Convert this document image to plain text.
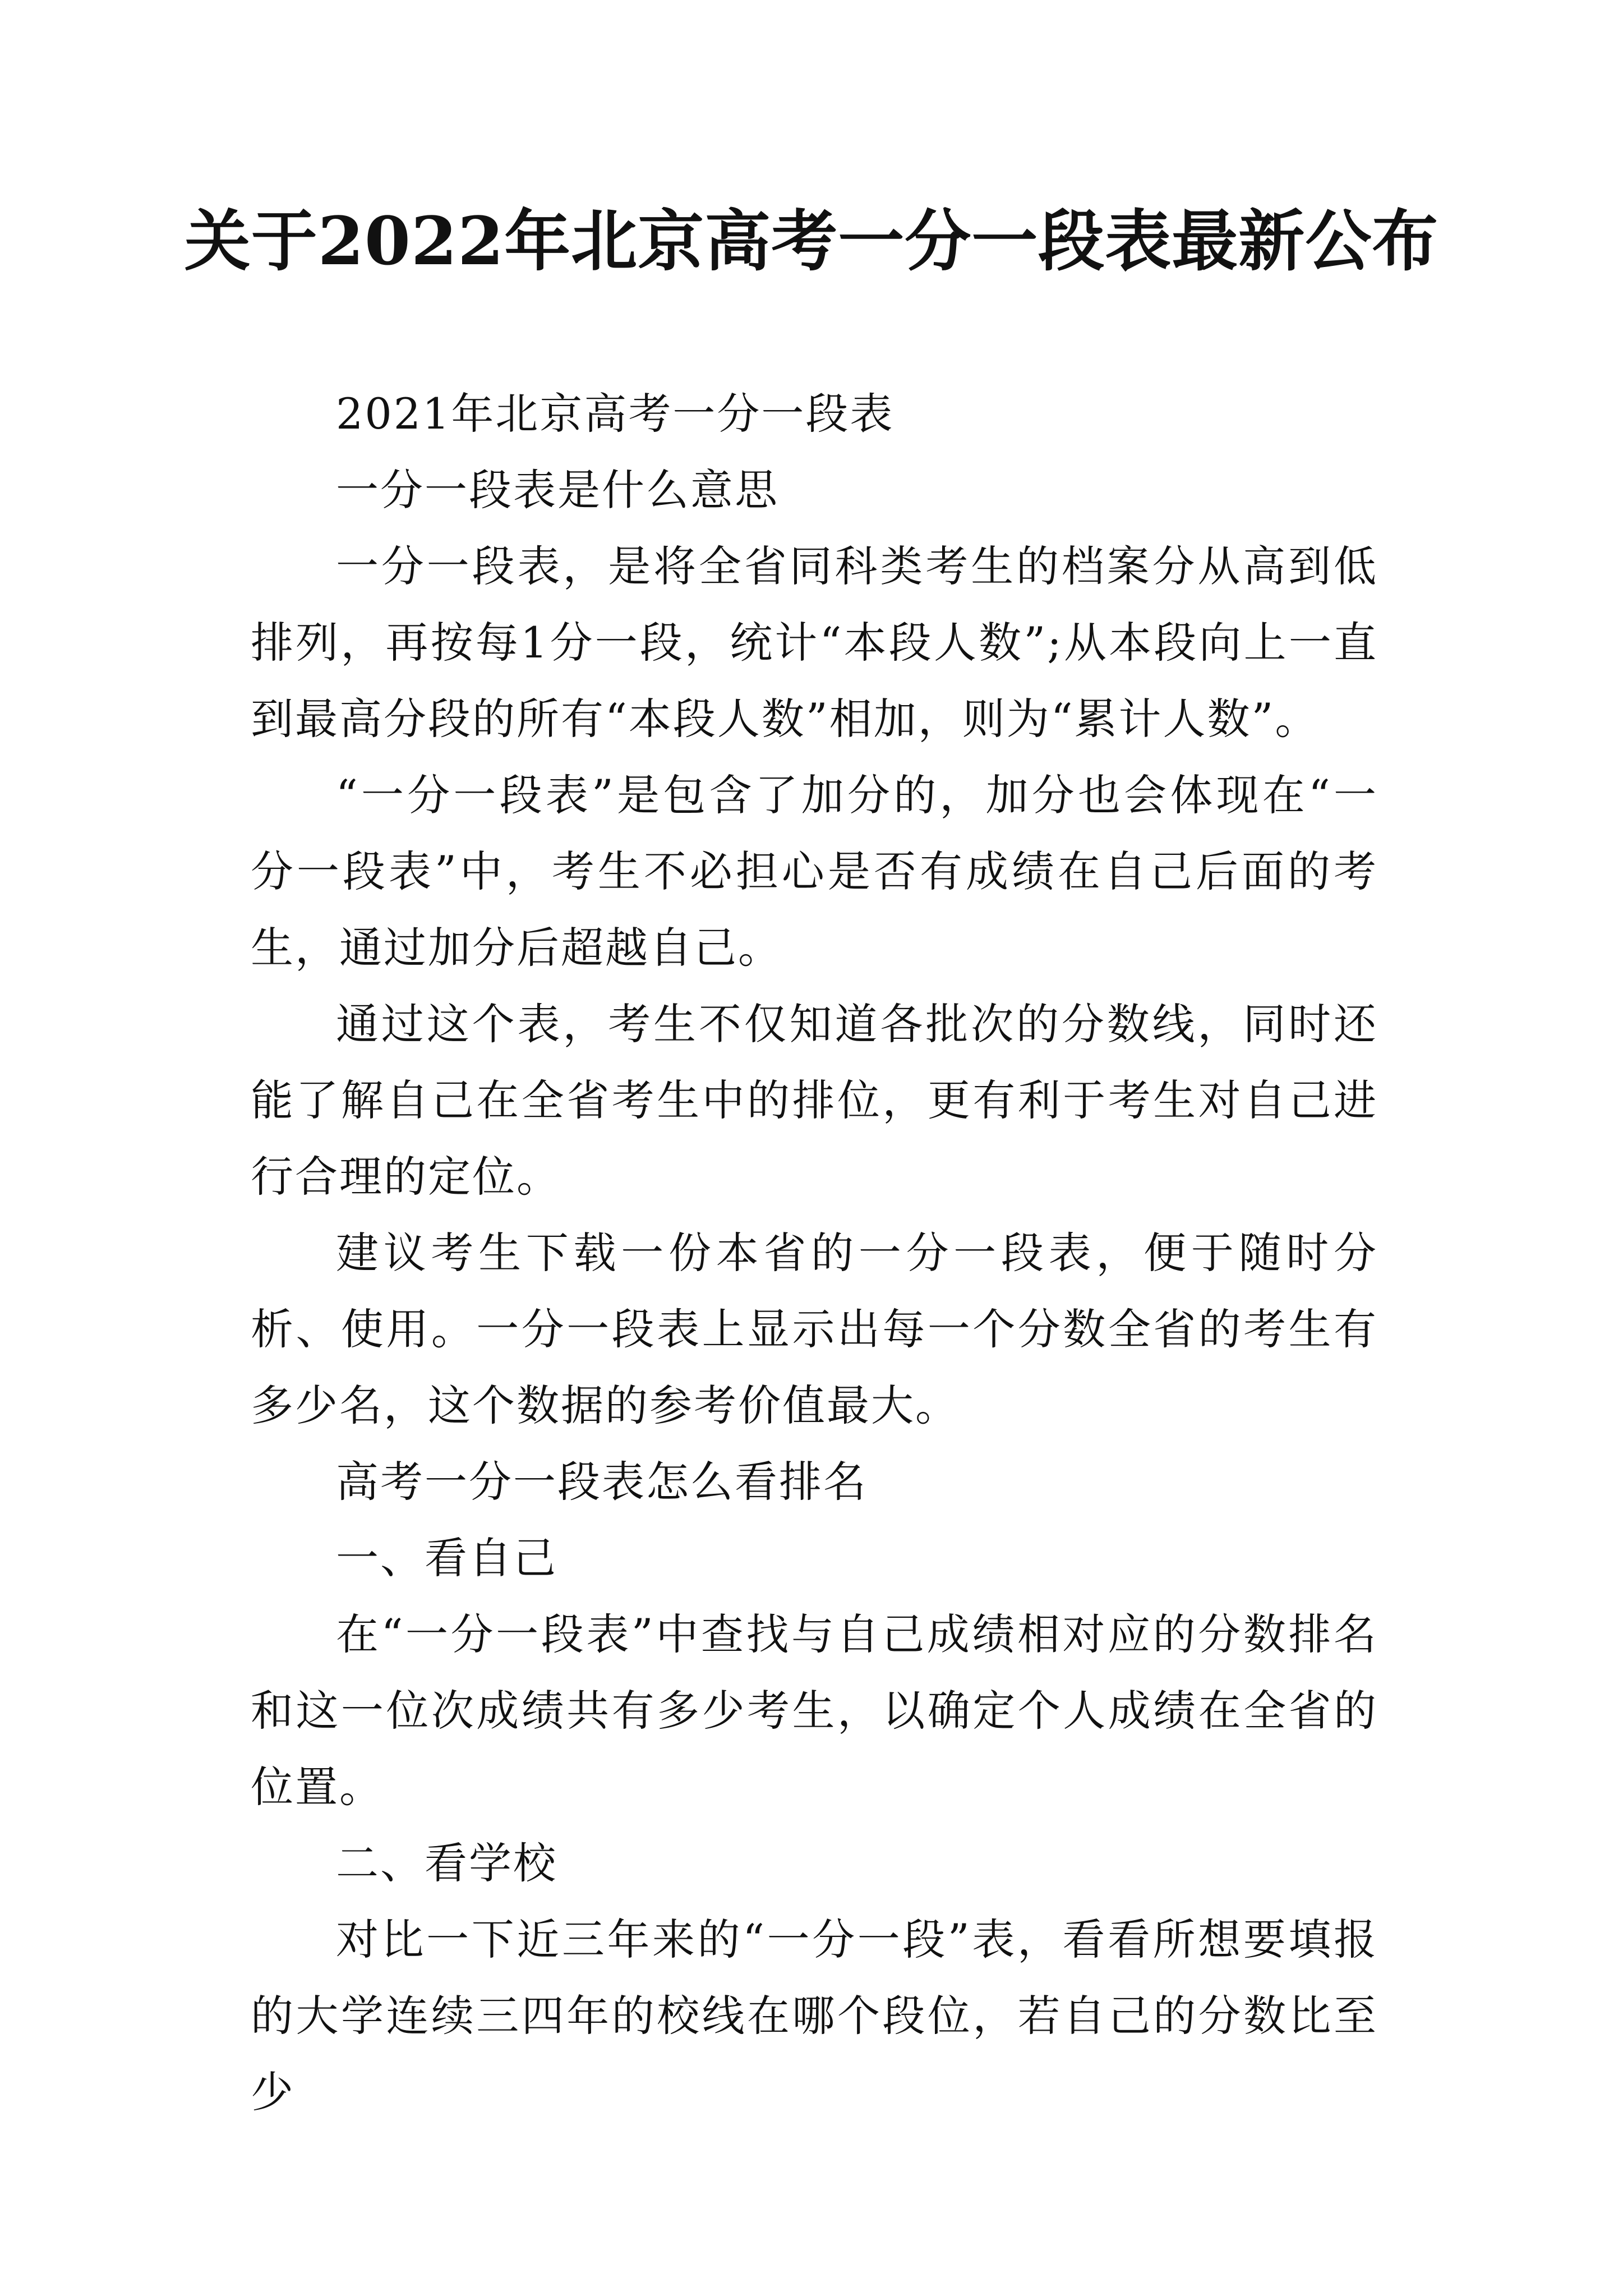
关于2022年北京高考一分一段表最新公布

2021年北京高考一分一段表

一分一段表是什么意思

一分一段表，是将全省同科类考生的档案分从高到低排列，再按每1分一段，统计“本段人数”;从本段向上一直到最高分段的所有“本段人数”相加，则为“累计人数”。

“一分一段表”是包含了加分的，加分也会体现在“一分一段表”中，考生不必担心是否有成绩在自己后面的考生，通过加分后超越自己。

通过这个表，考生不仅知道各批次的分数线，同时还能了解自己在全省考生中的排位，更有利于考生对自己进行合理的定位。

建议考生下载一份本省的一分一段表，便于随时分析、使用。一分一段表上显示出每一个分数全省的考生有多少名，这个数据的参考价值最大。

高考一分一段表怎么看排名

一、看自己

在“一分一段表”中查找与自己成绩相对应的分数排名和这一位次成绩共有多少考生，以确定个人成绩在全省的位置。

二、看学校

对比一下近三年来的“一分一段”表，看看所想要填报的大学连续三四年的校线在哪个段位，若自己的分数比至少
